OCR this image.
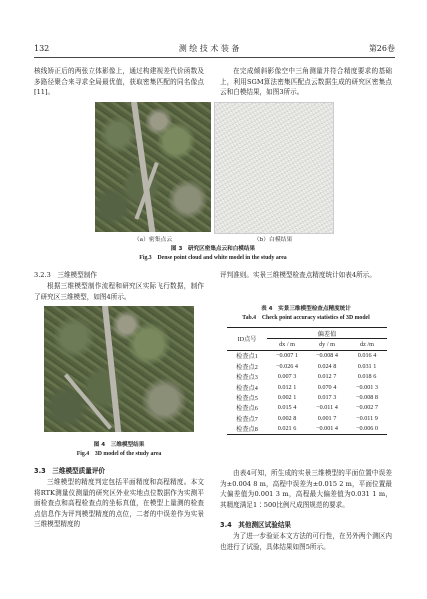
132	测 绘 技 术 装 备	第26卷

核线矫正后的两张立体影像上，通过构建视差代价函数及多路径聚合来寻求全局最优值，获取密集匹配的同名像点[11]。

在完成倾斜影像空中三角测量并符合精度要求的基础上，利用SGM算法密集匹配点云数据生成的研究区密集点云和白模结果，如图3所示。

（a）密集点云	（b）白模结果

图 3　研究区密集点云和白模结果

Fig.3　Dense point cloud and white model in the study area

3.2.3　三维模型制作

根据三维模型制作流程和研究区实际飞行数据，制作了研究区三维模型，如图4所示。

图 4　三维模型结果

Fig.4　3D model of the study area

3.3　三维模型质量评价

三维模型的精度判定包括平面精度和高程精度。本文将RTK测量仪测量的研究区外业实地点位数据作为实测平面检查点和高程检查点的坐标真值，在模型上量测的检查点信息作为评判模型精度的点位，二者的中误差作为实景三维模型精度的

评判准则。实景三维模型检查点精度统计如表4所示。

表 4　实景三维模型检查点精度统计

Tab.4　Check point accuracy statistics of 3D model

ID点号	偏差值		
	dx / m	dy / m	dz /m
检查点1	−0.007 1	−0.008 4	0.016 4
检查点2	−0.026 4	0.024 8	0.031 1
检查点3	0.007 3	0.012 7	0.018 6
检查点4	0.012 1	0.070 4	−0.001 3
检查点5	0.002 1	0.017 3	−0.008 8
检查点6	0.015 4	−0.011 4	−0.002 7
检查点7	0.002 8	0.001 7	−0.011 9
检查点8	0.021 6	−0.001 4	−0.006 0

由表4可知，所生成的实景三维模型的平面位置中误差为±0.004 8 m，高程中误差为±0.015 2 m，平面位置最大偏差值为0.001 3 m，高程最大偏差值为0.031 1 m，其精度满足1∶500比例尺成图规范的要求。

3.4　其他测区试验结果

为了进一步验证本文方法的可行性，在另外两个测区内也进行了试验，具体结果如图5所示。
